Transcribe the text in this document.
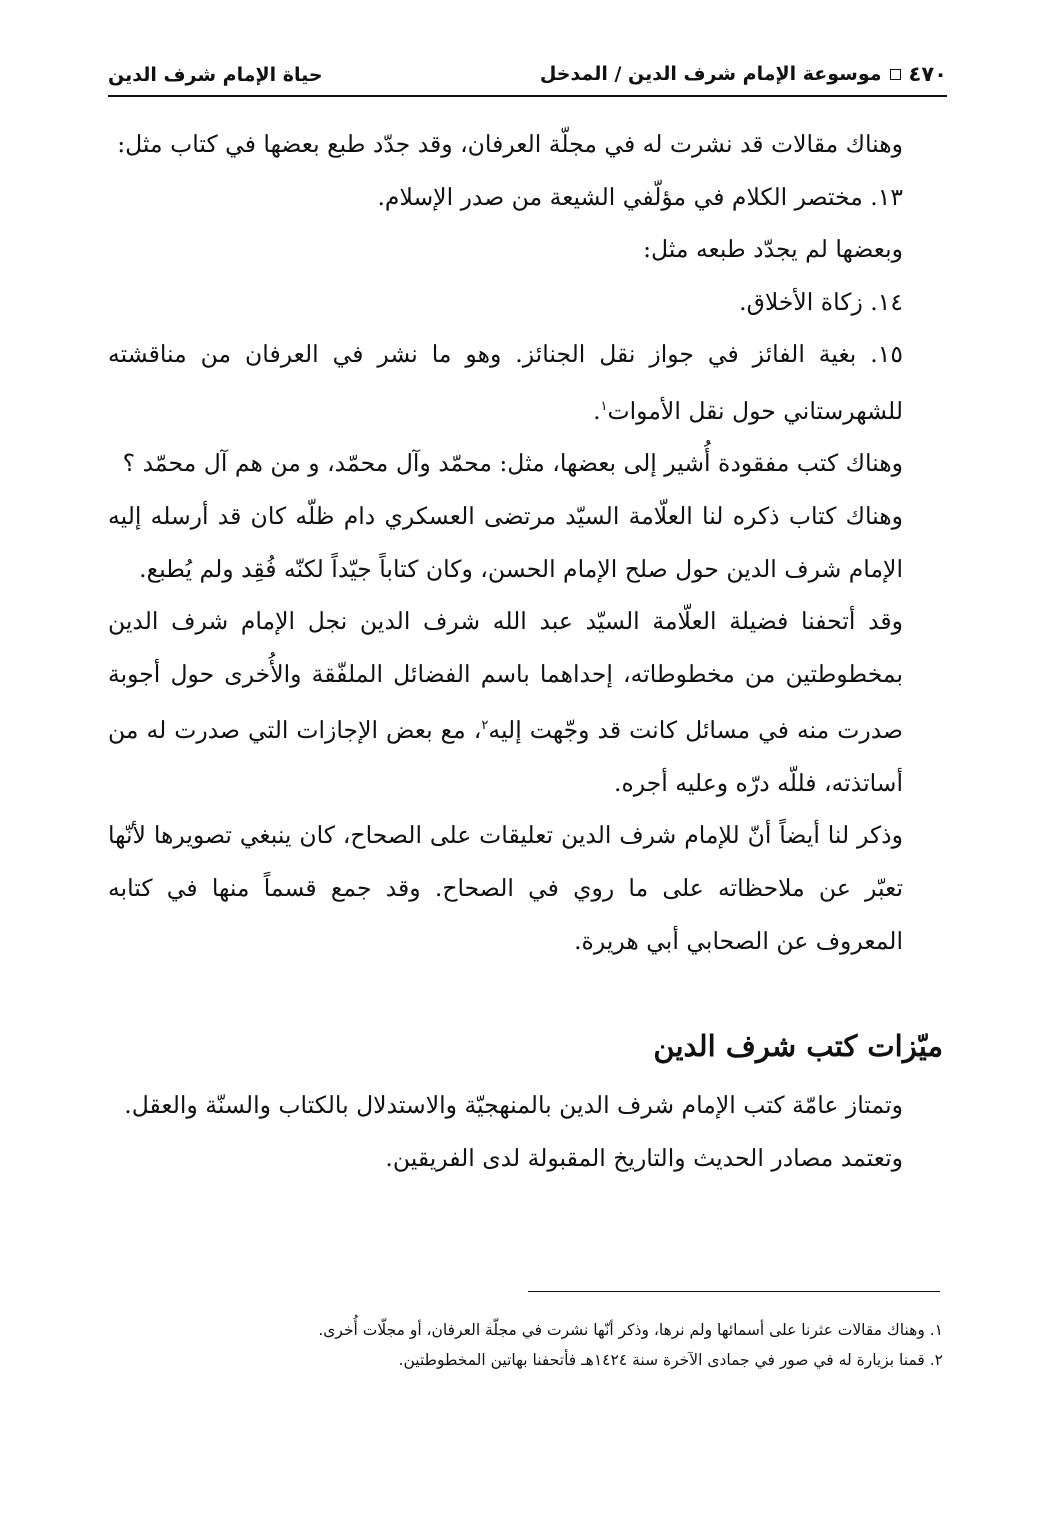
٤٧٠
موسوعة الإمام شرف الدين / المدخل
حياة الإمام شرف الدين

وهناك مقالات قد نشرت له في مجلّة العرفان، وقد جدّد طبع بعضها في كتاب مثل:

١٣. مختصر الكلام في مؤلّفي الشيعة من صدر الإسلام.

وبعضها لم يجدّد طبعه مثل:

١٤. زكاة الأخلاق.

١٥. بغية الفائز في جواز نقل الجنائز. وهو ما نشر في العرفان من مناقشته للشهرستاني حول نقل الأموات$^١$.

وهناك كتب مفقودة أُشير إلى بعضها، مثل: محمّد وآل محمّد، و من هم آل محمّد ؟

وهناك كتاب ذكره لنا العلّامة السيّد مرتضى العسكري دام ظلّه كان قد أرسله إليه الإمام شرف الدين حول صلح الإمام الحسن، وكان كتاباً جيّداً لكنّه فُقِد ولم يُطبع.

وقد أتحفنا فضيلة العلّامة السيّد عبد الله شرف الدين نجل الإمام شرف الدين بمخطوطتين من مخطوطاته، إحداهما باسم الفضائل الملفّقة والأُخرى حول أجوبة صدرت منه في مسائل كانت قد وجّهت إليه$^٢$، مع بعض الإجازات التي صدرت له من أساتذته، فللّه درّه وعليه أجره.

وذكر لنا أيضاً أنّ للإمام شرف الدين تعليقات على الصحاح، كان ينبغي تصويرها لأنّها تعبّر عن ملاحظاته على ما روي في الصحاح. وقد جمع قسماً منها في كتابه المعروف عن الصحابي أبي هريرة.

ميّزات كتب شرف الدين

وتمتاز عامّة كتب الإمام شرف الدين بالمنهجيّة والاستدلال بالكتاب والسنّة والعقل.

وتعتمد مصادر الحديث والتاريخ المقبولة لدى الفريقين.

١. وهناك مقالات عثرنا على أسمائها ولم نرها، وذكر أنّها نشرت في مجلّة العرفان، أو مجلّات أُخرى.

٢. قمنا بزيارة له في صور في جمادى الآخرة سنة ١٤٢٤هـ فأتحفنا بهاتين المخطوطتين.
